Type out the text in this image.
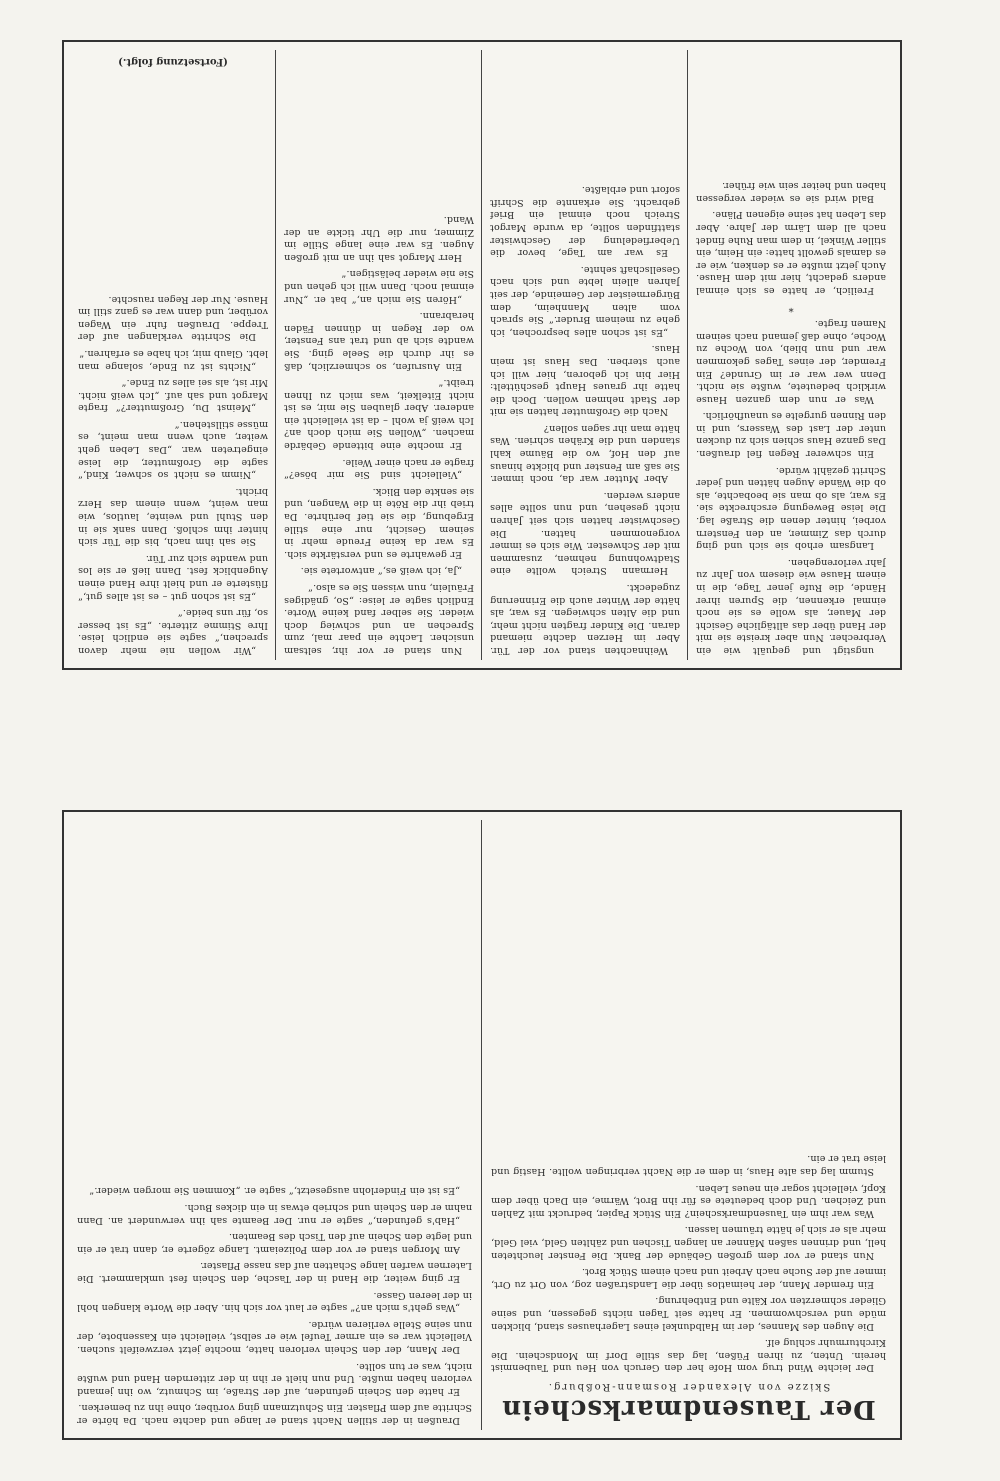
ungstigt und gequält wie ein Verbrecher. Nun aber kreiste sie mit der Hand über das alltägliche Gesicht der Mauer, als wolle es sie noch einmal erkennen, die Spuren ihrer Hände, die Rufe jener Tage, die in einem Hause wie diesem von Jahr zu Jahr verlorengehen.

Langsam erhob sie sich und ging durch das Zimmer, an den Fenstern vorbei, hinter denen die Straße lag. Die leise Bewegung erschreckte sie. Es war, als ob man sie beobachte, als ob die Wände Augen hätten und jeder Schritt gezählt würde.

Ein schwerer Regen fiel draußen. Das ganze Haus schien sich zu ducken unter der Last des Wassers, und in den Rinnen gurgelte es unaufhörlich.

Was er nun dem ganzen Hause wirklich bedeutete, wußte sie nicht. Denn wer war er im Grunde? Ein Fremder, der eines Tages gekommen war und nun blieb, von Woche zu Woche, ohne daß jemand nach seinem Namen fragte.

*

Freilich, er hatte es sich einmal anders gedacht, hier mit dem Hause. Auch jetzt mußte er es denken, wie er es damals gewollt hatte: ein Heim, ein stiller Winkel, in dem man Ruhe findet nach all dem Lärm der Jahre. Aber das Leben hat seine eigenen Pläne.

Bald wird sie es wieder vergessen haben und heiter sein wie früher.

Weihnachten stand vor der Tür. Aber im Herzen dachte niemand daran. Die Kinder fragten nicht mehr, und die Alten schwiegen. Es war, als hätte der Winter auch die Erinnerung zugedeckt.

Hermann Streich wollte eine Stadtwohnung nehmen, zusammen mit der Schwester. Wie sich es immer vorgenommen hatten. Die Geschwister hatten sich seit Jahren nicht gesehen, und nun sollte alles anders werden.

Aber Mutter war da, noch immer. Sie saß am Fenster und blickte hinaus auf den Hof, wo die Bäume kahl standen und die Krähen schrien. Was hätte man ihr sagen sollen?

Nach die Großmutter hatten sie mit der Stadt nehmen wollen. Doch die hatte ihr graues Haupt geschüttelt: Hier bin ich geboren, hier will ich auch sterben. Das Haus ist mein Haus.

„Es ist schon alles besprochen, ich gehe zu meinem Bruder.“ Sie sprach vom alten Mannheim, dem Bürgermeister der Gemeinde, der seit Jahren allein lebte und sich nach Gesellschaft sehnte.

Es war am Tage, bevor die Ueberfiedelung der Geschwister stattfinden sollte, da wurde Margot Streich noch einmal ein Brief gebracht. Sie erkannte die Schrift sofort und erblaßte.

Nun stand er vor ihr, seltsam unsicher. Lachte ein paar mal, zum Sprechen an und schwieg doch wieder. Sie selber fand keine Worte. Endlich sagte er leise: „So, gnädiges Fräulein, nun wissen Sie es also.“

„Ja, ich weiß es,“ antwortete sie.

Er gewahrte es und verstärkte sich. Es war da keine Freude mehr in seinem Gesicht, nur eine stille Ergebung, die sie tief berührte. Da trieb ihr die Röte in die Wangen, und sie senkte den Blick.

„Vielleicht sind Sie mir böse?“ fragte er nach einer Weile.

Er mochte eine bittende Gebärde machen. „Wollen Sie mich doch an? Ich weiß ja wohl – da ist vielleicht ein anderer. Aber glauben Sie mir, es ist nicht Eitelkeit, was mich zu Ihnen treibt.“

Ein Ausrufen, so schmerzlich, daß es ihr durch die Seele ging. Sie wandte sich ab und trat ans Fenster, wo der Regen in dünnen Fäden herabrann.

„Hören Sie mich an,“ bat er. „Nur einmal noch. Dann will ich gehen und Sie nie wieder belästigen.“

Herr Margot sah ihn an mit großen Augen. Es war eine lange Stille im Zimmer, nur die Uhr tickte an der Wand.

„Wir wollen nie mehr davon sprechen,“ sagte sie endlich leise. Ihre Stimme zitterte. „Es ist besser so, für uns beide.“

„Es ist schon gut – es ist alles gut,“ flüsterte er und hielt ihre Hand einen Augenblick fest. Dann ließ er sie los und wandte sich zur Tür.

Sie sah ihm nach, bis die Tür sich hinter ihm schloß. Dann sank sie in den Stuhl und weinte, lautlos, wie man weint, wenn einem das Herz bricht.

„Nimm es nicht so schwer, Kind,“ sagte die Großmutter, die leise eingetreten war. „Das Leben geht weiter, auch wenn man meint, es müsse stillstehen.“

„Meinst Du, Großmutter?“ fragte Margot und sah auf. „Ich weiß nicht. Mir ist, als sei alles zu Ende.“

„Nichts ist zu Ende, solange man lebt. Glaub mir, ich habe es erfahren.“

Die Schritte verklangen auf der Treppe. Draußen fuhr ein Wagen vorüber, und dann war es ganz still im Hause. Nur der Regen rauschte.

(Fortsetzung folgt.)
Der Tausendmarkschein
Skizze von Alexander Rosmann-Roßburg.

Der leichte Wind trug vom Hofe her den Geruch von Heu und Taubenmist herein. Unten, zu ihren Füßen, lag das stille Dorf im Mondschein. Die Kirchturmuhr schlug elf.

Die Augen des Mannes, der im Halbdunkel eines Lagerhauses stand, blickten müde und verschwommen. Er hatte seit Tagen nichts gegessen, und seine Glieder schmerzten vor Kälte und Entbehrung.

Ein fremder Mann, der heimatlos über die Landstraßen zog, von Ort zu Ort, immer auf der Suche nach Arbeit und nach einem Stück Brot.

Nun stand er vor dem großen Gebäude der Bank. Die Fenster leuchteten hell, und drinnen saßen Männer an langen Tischen und zählten Geld, viel Geld, mehr als er sich je hätte träumen lassen.

Was war ihm ein Tausendmarkschein? Ein Stück Papier, bedruckt mit Zahlen und Zeichen. Und doch bedeutete es für ihn Brot, Wärme, ein Dach über dem Kopf, vielleicht sogar ein neues Leben.

Stumm lag das alte Haus, in dem er die Nacht verbringen wollte. Hastig und leise trat er ein.

Draußen in der stillen Nacht stand er lange und dachte nach. Da hörte er Schritte auf dem Pflaster. Ein Schutzmann ging vorüber, ohne ihn zu bemerken.

Er hatte den Schein gefunden, auf der Straße, im Schmutz, wo ihn jemand verloren haben mußte. Und nun hielt er ihn in der zitternden Hand und wußte nicht, was er tun sollte.

Der Mann, der den Schein verloren hatte, mochte jetzt verzweifelt suchen. Vielleicht war es ein armer Teufel wie er selbst, vielleicht ein Kassenbote, der nun seine Stelle verlieren würde.

„Was geht's mich an?“ sagte er laut vor sich hin. Aber die Worte klangen hohl in der leeren Gasse.

Er ging weiter, die Hand in der Tasche, den Schein fest umklammert. Die Laternen warfen lange Schatten auf das nasse Pflaster.

Am Morgen stand er vor dem Polizeiamt. Lange zögerte er, dann trat er ein und legte den Schein auf den Tisch des Beamten.

„Hab's gefunden,“ sagte er nur. Der Beamte sah ihn verwundert an. Dann nahm er den Schein und schrieb etwas in ein dickes Buch.

„Es ist ein Finderlohn ausgesetzt,“ sagte er. „Kommen Sie morgen wieder.“
